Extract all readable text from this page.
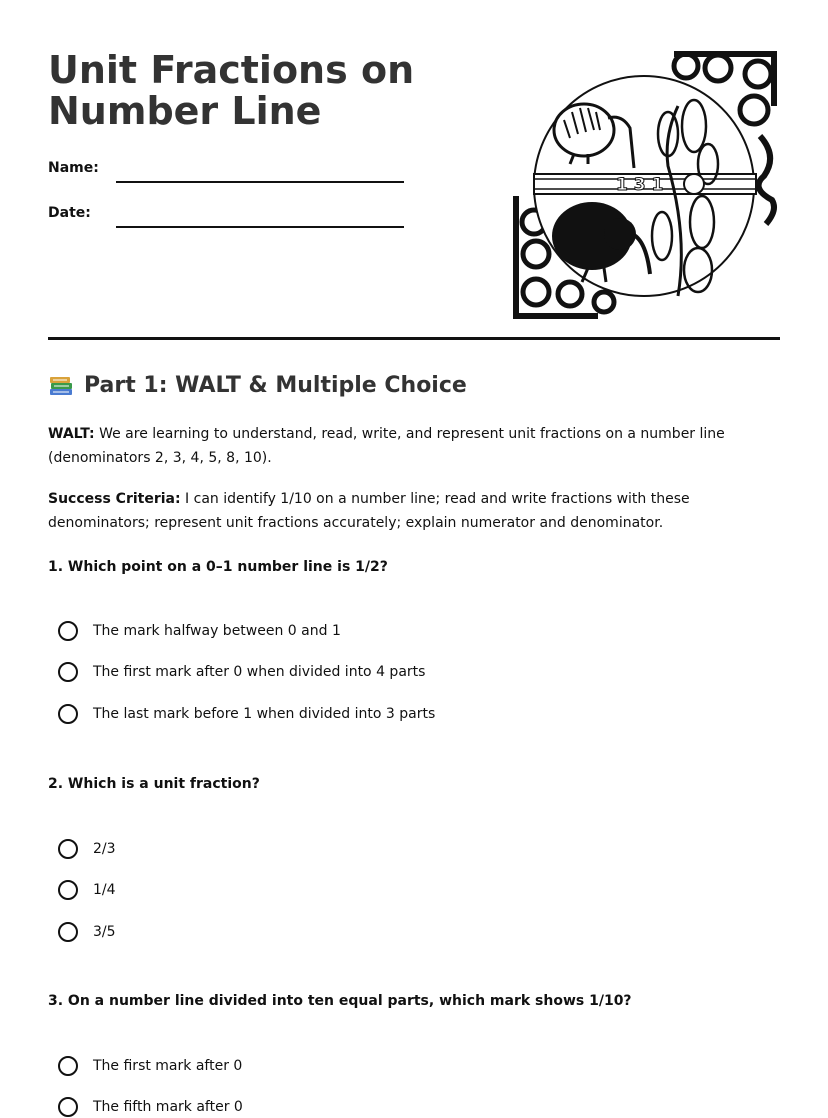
Unit Fractions on Number Line
Name:
Date:
1 3 1
Part 1: WALT & Multiple Choice

WALT: We are learning to understand, read, write, and represent unit fractions on a number line (denominators 2, 3, 4, 5, 8, 10).

Success Criteria: I can identify 1/10 on a number line; read and write fractions with these denominators; represent unit fractions accurately; explain numerator and denominator.

1. Which point on a 0–1 number line is 1/2?

The mark halfway between 0 and 1
The first mark after 0 when divided into 4 parts
The last mark before 1 when divided into 3 parts

2. Which is a unit fraction?

2/3
1/4
3/5

3. On a number line divided into ten equal parts, which mark shows 1/10?

The first mark after 0
The fifth mark after 0
